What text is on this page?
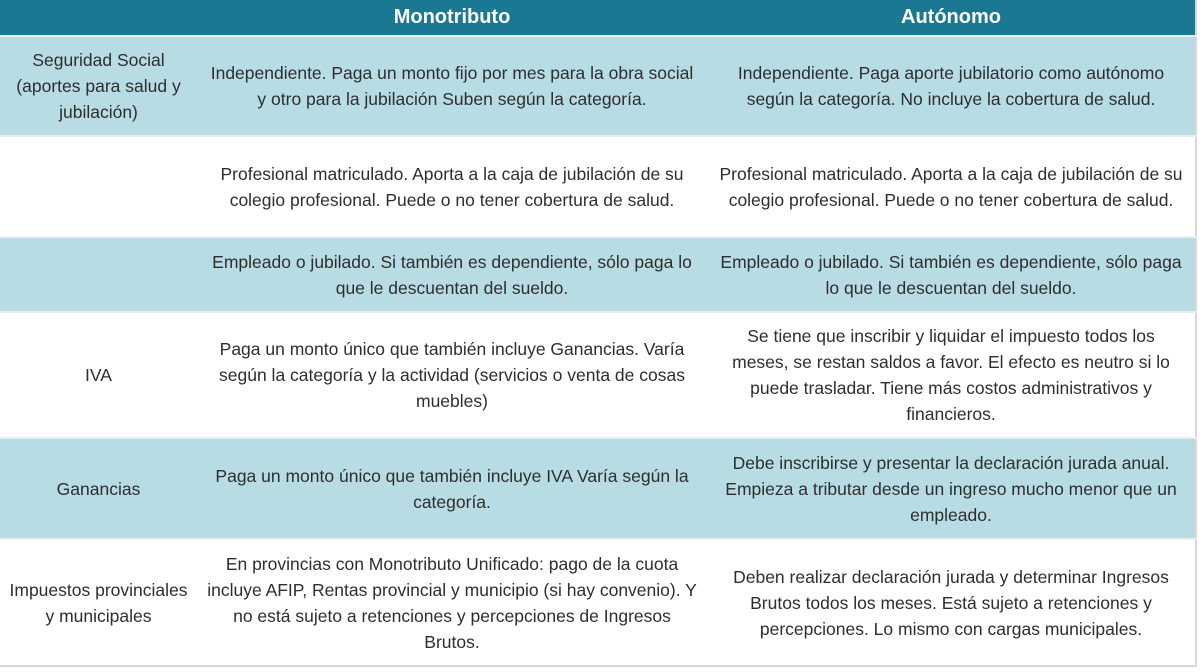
	Monotributo	Autónomo
Seguridad Social (aportes para salud y jubilación)	Independiente. Paga un monto fijo por mes para la obra social y otro para la jubilación Suben según la categoría.	Independiente. Paga aporte jubilatorio como autónomo según la categoría. No incluye la cobertura de salud.
	Profesional matriculado. Aporta a la caja de jubilación de su colegio profesional. Puede o no tener cobertura de salud.	Profesional matriculado. Aporta a la caja de jubilación de su colegio profesional. Puede o no tener cobertura de salud.
	Empleado o jubilado. Si también es dependiente, sólo paga lo que le descuentan del sueldo.	Empleado o jubilado. Si también es dependiente, sólo paga lo que le descuentan del sueldo.
IVA	Paga un monto único que también incluye Ganancias. Varía según la categoría y la actividad (servicios o venta de cosas muebles)	Se tiene que inscribir y liquidar el impuesto todos los meses, se restan saldos a favor. El efecto es neutro si lo puede trasladar. Tiene más costos administrativos y financieros.
Ganancias	Paga un monto único que también incluye IVA Varía según la categoría.	Debe inscribirse y presentar la declaración jurada anual. Empieza a tributar desde un ingreso mucho menor que un empleado.
Impuestos provinciales y municipales	En provincias con Monotributo Unificado: pago de la cuota incluye AFIP, Rentas provincial y municipio (si hay convenio). Y no está sujeto a retenciones y percepciones de Ingresos Brutos.	Deben realizar declaración jurada y determinar Ingresos Brutos todos los meses. Está sujeto a retenciones y percepciones. Lo mismo con cargas municipales.
